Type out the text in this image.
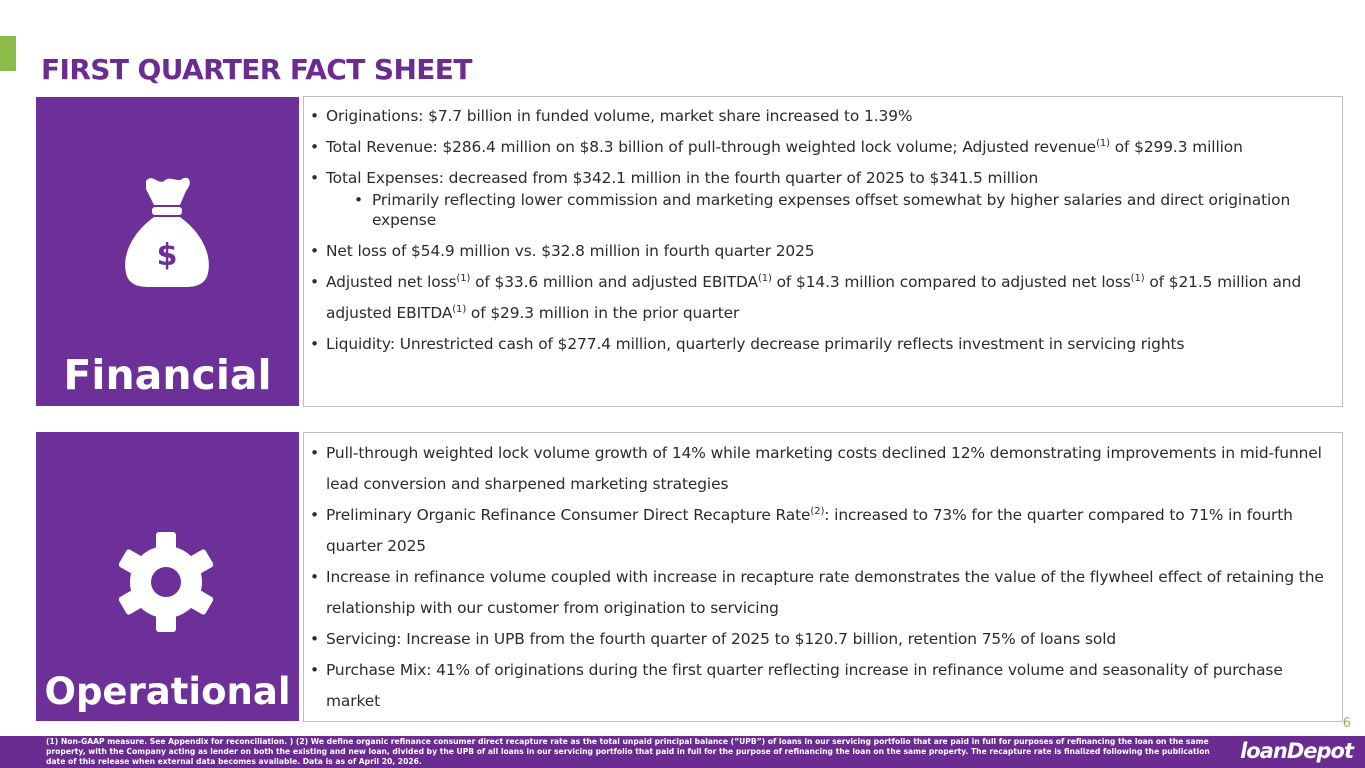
FIRST QUARTER FACT SHEET
$
Financial
• Originations: $7.7 billion in funded volume, market share increased to 1.39%
• Total Revenue: $286.4 million on $8.3 billion of pull-through weighted lock volume; Adjusted revenue$^{(1)}$ of $299.3 million
• Total Expenses: decreased from $342.1 million in the fourth quarter of 2025 to $341.5 million
• Primarily reflecting lower commission and marketing expenses offset somewhat by higher salaries and direct origination expense
• Net loss of $54.9 million vs. $32.8 million in fourth quarter 2025
• Adjusted net loss$^{(1)}$ of $33.6 million and adjusted EBITDA$^{(1)}$ of $14.3 million compared to adjusted net loss$^{(1)}$ of $21.5 million and adjusted EBITDA$^{(1)}$ of $29.3 million in the prior quarter
• Liquidity: Unrestricted cash of $277.4 million, quarterly decrease primarily reflects investment in servicing rights
Operational
• Pull-through weighted lock volume growth of 14% while marketing costs declined 12% demonstrating improvements in mid-funnel lead conversion and sharpened marketing strategies
• Preliminary Organic Refinance Consumer Direct Recapture Rate$^{(2)}$: increased to 73% for the quarter compared to 71% in fourth quarter 2025
• Increase in refinance volume coupled with increase in recapture rate demonstrates the value of the flywheel effect of retaining the relationship with our customer from origination to servicing
• Servicing: Increase in UPB from the fourth quarter of 2025 to $120.7 billion, retention 75% of loans sold
• Purchase Mix: 41% of originations during the first quarter reflecting increase in refinance volume and seasonality of purchase market
6
(1) Non-GAAP measure. See Appendix for reconciliation. ) (2) We define organic refinance consumer direct recapture rate as the total unpaid principal balance (“UPB”) of loans in our servicing portfolio that are paid in full for purposes of refinancing the loan on the same property, with the Company acting as lender on both the existing and new loan, divided by the UPB of all loans in our servicing portfolio that paid in full for the purpose of refinancing the loan on the same property. The recapture rate is finalized following the publication date of this release when external data becomes available. Data is as of April 20, 2026.	loanDepot
